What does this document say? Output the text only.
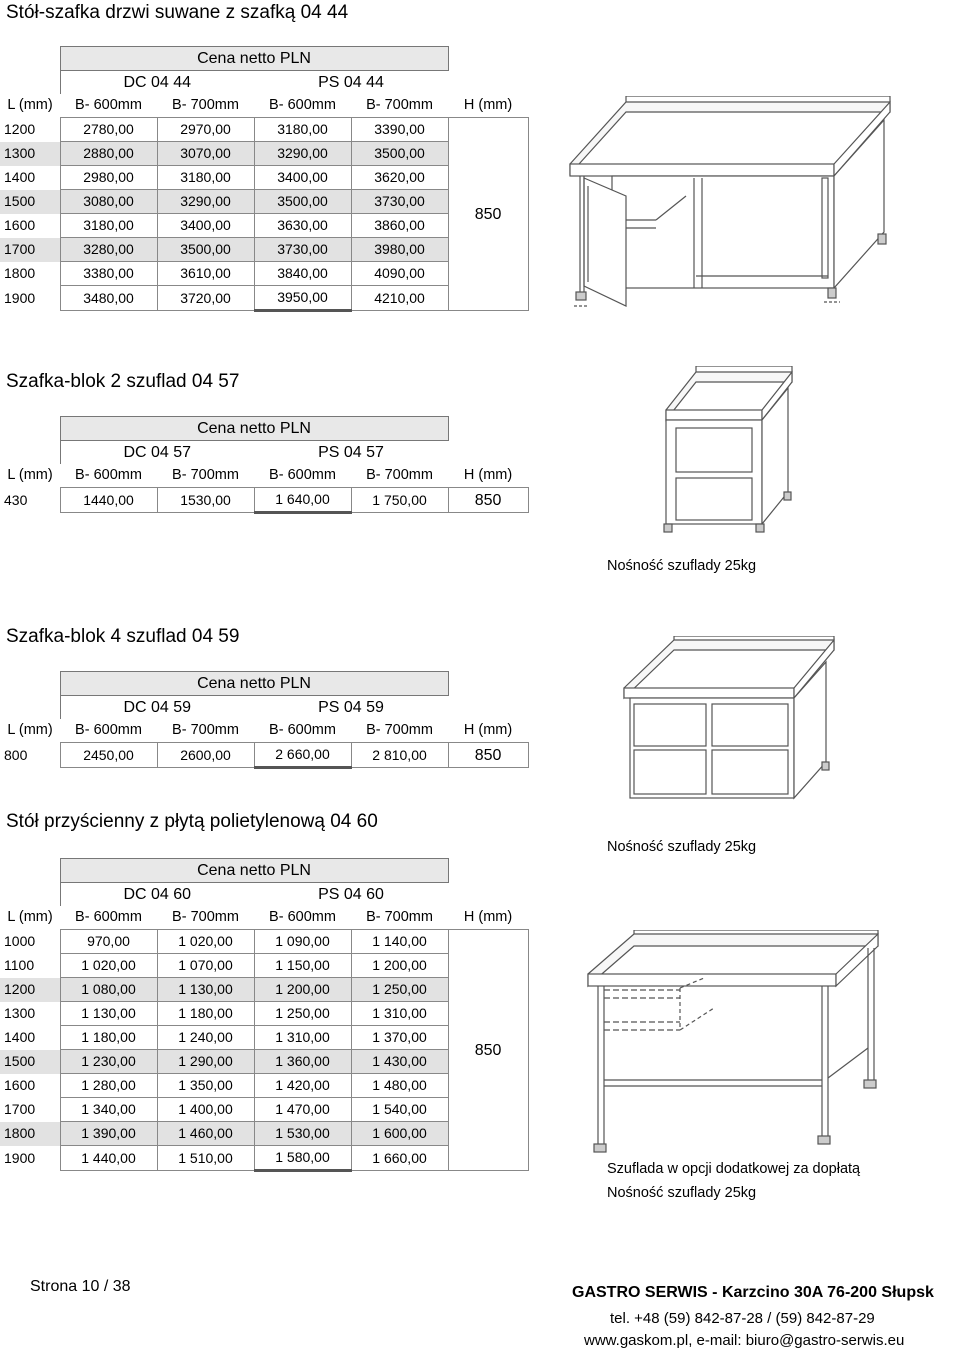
Stół-szafka drzwi suwane z szafką 04 44
Szafka-blok 2 szuflad 04 57
Szafka-blok 4 szuflad 04 59
Stół przyścienny z płytą polietylenową 04 60
	Cena netto PLN				
	DC 04 44		PS 04 44		
L (mm)	B- 600mm	B- 700mm	B- 600mm	B- 700mm	H (mm)
1200	2780,00	2970,00	3180,00	3390,00	850
1300	2880,00	3070,00	3290,00	3500,00	
1400	2980,00	3180,00	3400,00	3620,00	
1500	3080,00	3290,00	3500,00	3730,00	
1600	3180,00	3400,00	3630,00	3860,00	
1700	3280,00	3500,00	3730,00	3980,00	
1800	3380,00	3610,00	3840,00	4090,00	
1900	3480,00	3720,00	3950,00	4210,00	
	Cena netto PLN				
	DC 04 57		PS 04 57		
L (mm)	B- 600mm	B- 700mm	B- 600mm	B- 700mm	H (mm)
430	1440,00	1530,00	1 640,00	1 750,00	850
	Cena netto PLN				
	DC 04 59		PS 04 59		
L (mm)	B- 600mm	B- 700mm	B- 600mm	B- 700mm	H (mm)
800	2450,00	2600,00	2 660,00	2 810,00	850
	Cena netto PLN				
	DC 04 60		PS 04 60		
L (mm)	B- 600mm	B- 700mm	B- 600mm	B- 700mm	H (mm)
1000	970,00	1 020,00	1 090,00	1 140,00	850
1100	1 020,00	1 070,00	1 150,00	1 200,00	
1200	1 080,00	1 130,00	1 200,00	1 250,00	
1300	1 130,00	1 180,00	1 250,00	1 310,00	
1400	1 180,00	1 240,00	1 310,00	1 370,00	
1500	1 230,00	1 290,00	1 360,00	1 430,00	
1600	1 280,00	1 350,00	1 420,00	1 480,00	
1700	1 340,00	1 400,00	1 470,00	1 540,00	
1800	1 390,00	1 460,00	1 530,00	1 600,00	
1900	1 440,00	1 510,00	1 580,00	1 660,00	
Nośność szuflady 25kg
Nośność szuflady 25kg
Szuflada w opcji dodatkowej za dopłatą
Nośność szuflady 25kg
Strona 10 / 38	GASTRO SERWIS - Karzcino 30A 76-200 Słupsk
tel. +48 (59) 842-87-28 / (59) 842-87-29
www.gaskom.pl, e-mail: biuro@gastro-serwis.eu
